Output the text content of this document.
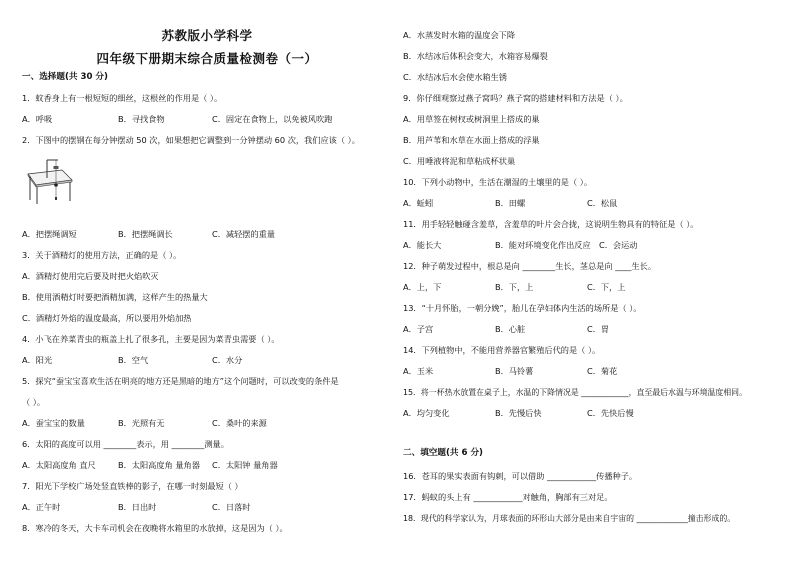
苏教版小学科学
四年级下册期末综合质量检测卷（一）
一、选择题(共 30 分)
1．蚊香身上有一根短短的细丝，这根丝的作用是（ ）。
A．呼吸	B．寻找食物	C．固定在食物上，以免被风吹跑
2．下图中的摆钢在每分钟摆动 50 次，如果想把它调整到一分钟摆动 60 次，我们应该（ ）。
A．把摆绳调短	B．把摆绳调长	C．减轻摆的重量
3．关于酒精灯的使用方法，正确的是（ ）。
A．酒精灯使用完后要及时把火焰吹灭
B．使用酒精灯时要把酒精加满，这样产生的热量大
C．酒精灯外焰的温度最高，所以要用外焰加热
4．小飞在养菜青虫的瓶盖上扎了很多孔，主要是因为菜青虫需要（ ）。
A．阳光	B．空气	C．水分
5．探究“蚕宝宝喜欢生活在明亮的地方还是黑暗的地方”这个问题时，可以改变的条件是
（ ）。
A．蚕宝宝的数量	B．光照有无	C．桑叶的来源
6．太阳的高度可以用 ________表示，用 ________测量。
A．太阳高度角 直尺	B．太阳高度角 量角器 C．太阳钟 量角器
7．阳光下学校广场处竖直铁棒的影子，在哪一时刻最短（ ）
A．正午时	B．日出时	C．日落时
8．寒冷的冬天，大卡车司机会在夜晚将水箱里的水放掉，这是因为（ ）。
A．水蒸发时水箱的温度会下降
B．水结冰后体积会变大，水箱容易爆裂
C．水结冰后水会使水箱生锈
9．你仔细观察过燕子窝吗？燕子窝的搭建材料和方法是（ ）。
A．用草签在树杈或树洞里上搭成的巢
B．用芦苇和水草在水面上搭成的浮巢
C．用唾液将泥和草粘成杯状巢
10．下列小动物中，生活在潮湿的土壤里的是（ ）。
A．蚯蚓	B．田螺	C．松鼠
11．用手轻轻触碰含羞草，含羞草的叶片会合拢，这说明生物具有的特征是（ ）。
A．能长大	B．能对环境变化作出反应 C．会运动
12．种子萌发过程中，根总是向 ________生长，茎总是向 ____生长。
A．上，下	B．下，上	C．下，上
13．“十月怀胎，一朝分娩”，胎儿在孕妇体内生活的场所是（ ）。
A．子宫	B．心脏	C．胃
14．下列植物中，不能用营养器官繁殖后代的是（ ）。
A．玉米	B．马铃薯	C．菊花
15．将一杯热水放置在桌子上，水温的下降情况是 ____________，直至最后水温与环境温度相同。
A．均匀变化	B．先慢后快	C．先快后慢
二、填空题(共 6 分)
16．苍耳的果实表面有钩刺，可以借助 ____________传播种子。
17．蚂蚁的头上有 ____________对触角，胸部有三对足。
18．现代的科学家认为，月球表面的环形山大部分是由来自宇宙的 _____________撞击形成的。
